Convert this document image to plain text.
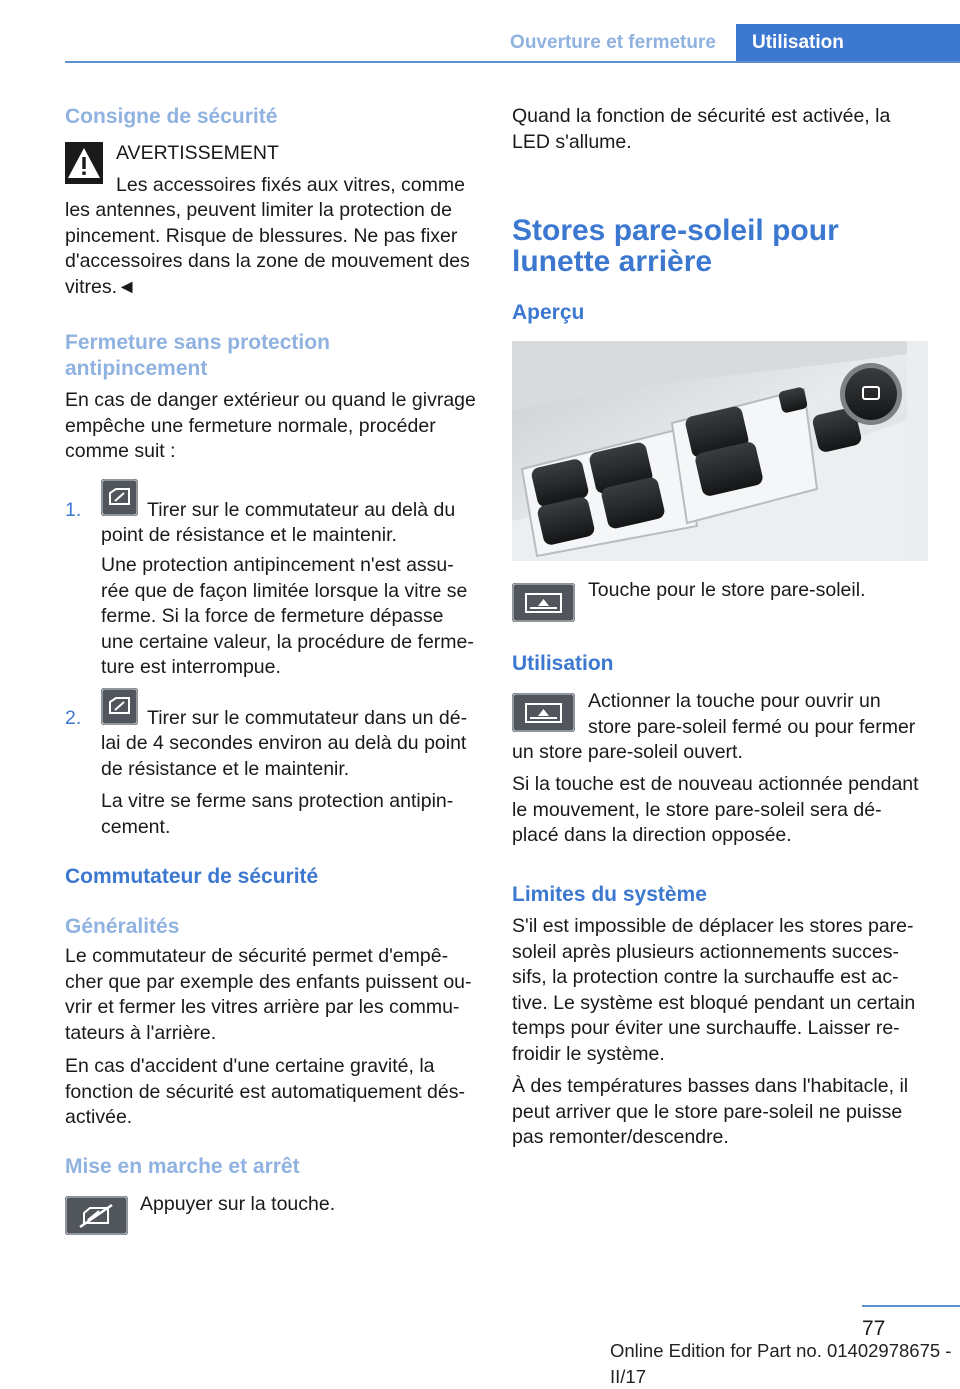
Ouverture et fermeture	Utilisation
Consigne de sécurité
AVERTISSEMENT
Les accessoires fixés aux vitres, comme

les antennes, peuvent limiter la protection de

pincement. Risque de blessures. Ne pas fixer

d'accessoires dans la zone de mouvement des

vitres.◄

Fermeture sans protection
antipincement

En cas de danger extérieur ou quand le givrage

empêche une fermeture normale, procéder

comme suit :

1.	Tirer sur le commutateur au delà du

point de résistance et le maintenir.

Une protection antipincement n'est assu-

rée que de façon limitée lorsque la vitre se

ferme. Si la force de fermeture dépasse

une certaine valeur, la procédure de ferme-

ture est interrompue.

2.	Tirer sur le commutateur dans un dé-

lai de 4 secondes environ au delà du point

de résistance et le maintenir.

La vitre se ferme sans protection antipin-

cement.

Commutateur de sécurité
Généralités

Le commutateur de sécurité permet d'empê-

cher que par exemple des enfants puissent ou-

vrir et fermer les vitres arrière par les commu-

tateurs à l'arrière.

En cas d'accident d'une certaine gravité, la

fonction de sécurité est automatiquement dés-

activée.

Mise en marche et arrêt
Appuyer sur la touche.

Quand la fonction de sécurité est activée, la

LED s'allume.

Stores pare-soleil pour
lunette arrière
Aperçu
Touche pour le store pare-soleil.
Utilisation

Actionner la touche pour ouvrir un

store pare-soleil fermé ou pour fermer

un store pare-soleil ouvert.

Si la touche est de nouveau actionnée pendant

le mouvement, le store pare-soleil sera dé-

placé dans la direction opposée.

Limites du système

S'il est impossible de déplacer les stores pare-

soleil après plusieurs actionnements succes-

sifs, la protection contre la surchauffe est ac-

tive. Le système est bloqué pendant un certain

temps pour éviter une surchauffe. Laisser re-

froidir le système.

À des températures basses dans l'habitacle, il

peut arriver que le store pare-soleil ne puisse

pas remonter/descendre.

77
Online Edition for Part no. 01402978675 - II/17
